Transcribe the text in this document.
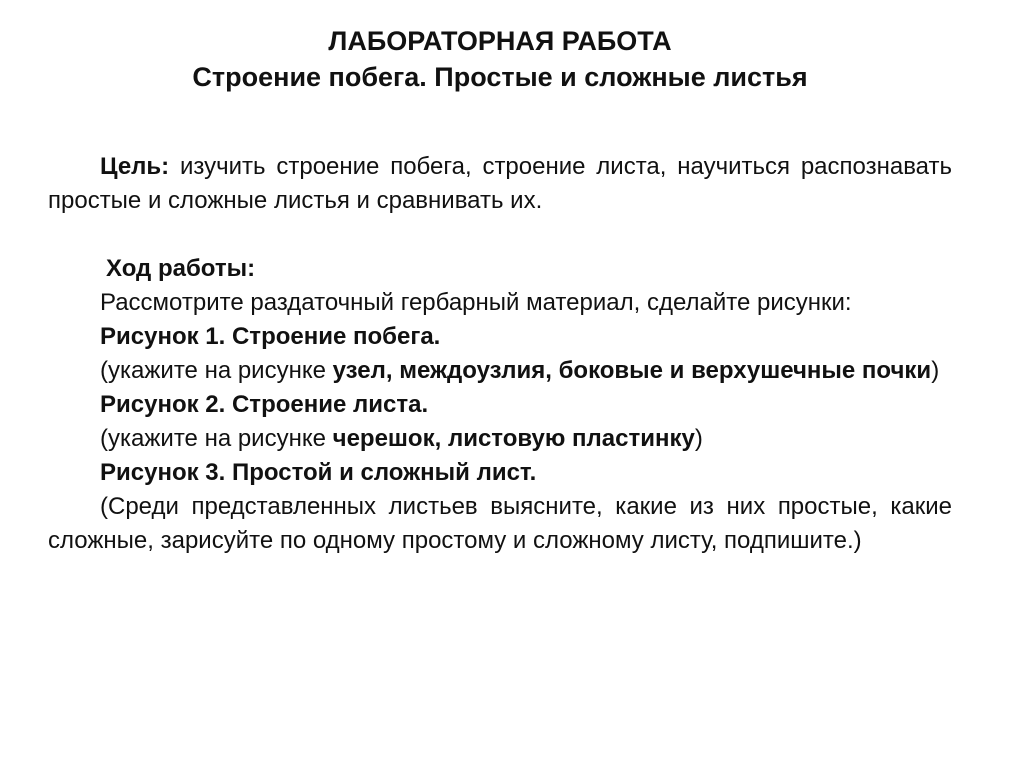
ЛАБОРАТОРНАЯ РАБОТА

Строение побега. Простые и сложные листья

Цель: изучить строение побега, строение листа, научиться распознавать простые и сложные листья и сравнивать их.

Ход работы:

Рассмотрите раздаточный гербарный материал, сделайте рисунки:

Рисунок 1. Строение побега.

(укажите на рисунке узел, междоузлия, боковые и верхушечные почки)

Рисунок 2. Строение листа.

(укажите на рисунке черешок, листовую пластинку)

Рисунок 3. Простой и сложный лист.

(Среди представленных листьев выясните, какие из них простые, какие сложные, зарисуйте по одному простому и сложному листу, подпишите.)
